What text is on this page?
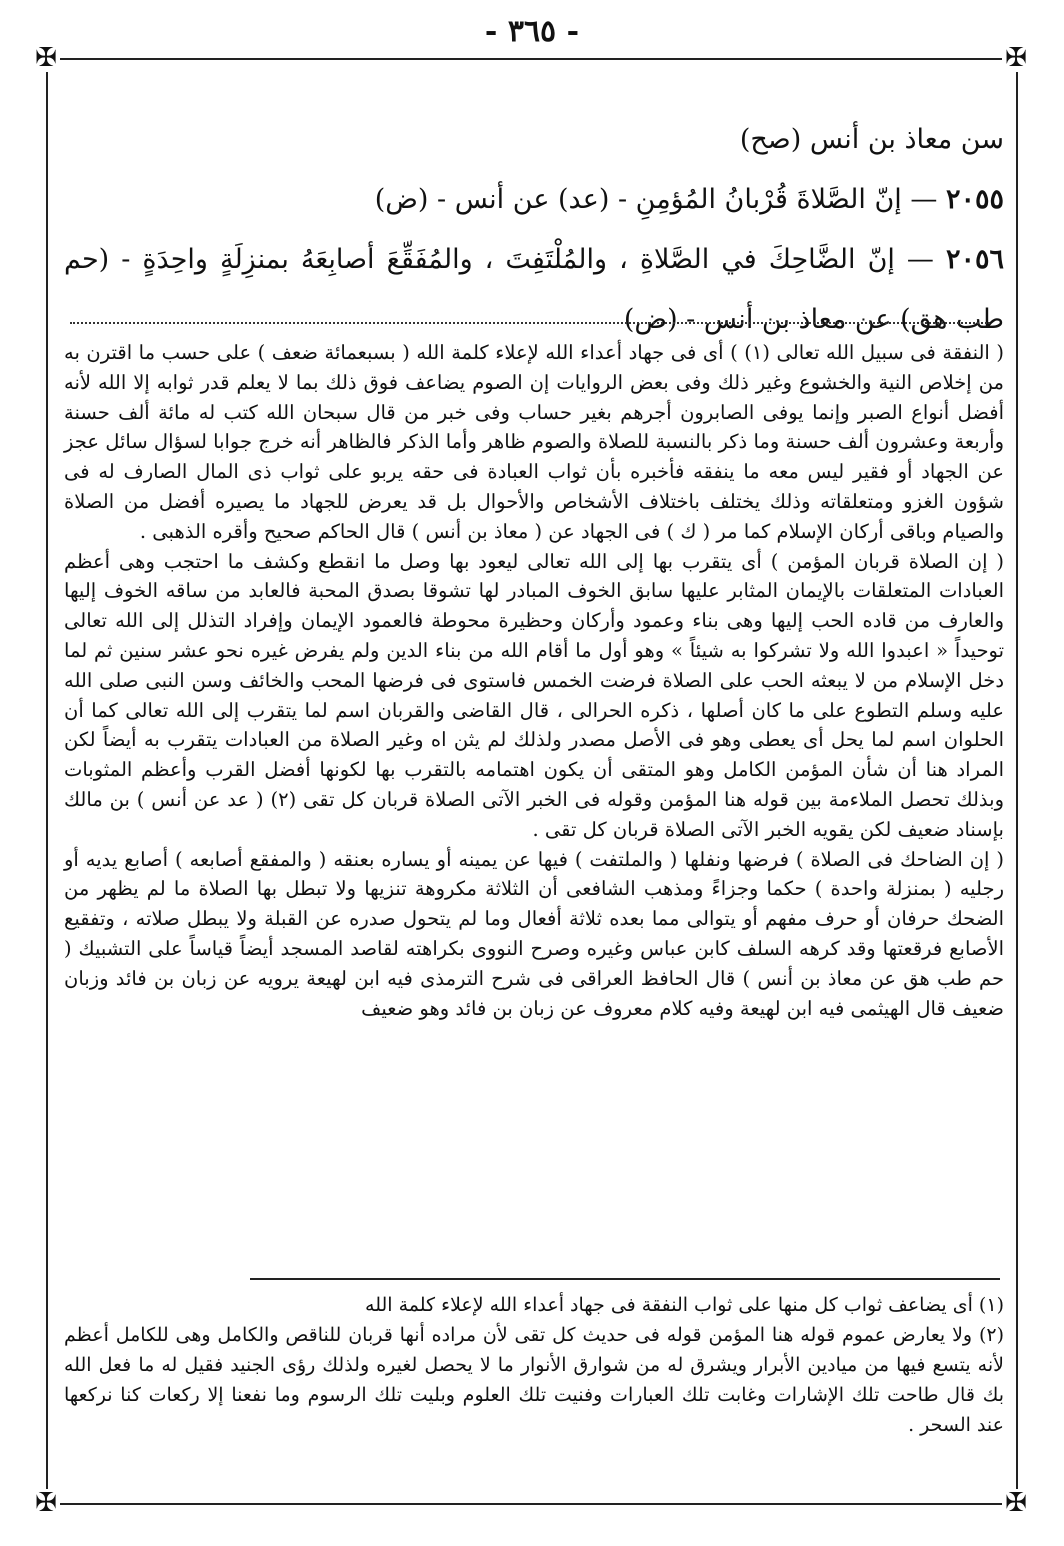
- ٣٦٥ -
✠	✠
✠	✠

سن معاذ بن أنس (صح)

٢٠٥٥ — إنّ الصَّلاةَ قُرْبانُ المُؤمِنِ - (عد) عن أنس - (ض)

٢٠٥٦ — إنّ الضَّاحِكَ في الصَّلاةِ ، والمُلْتَفِتَ ، والمُفَقِّعَ أصابِعَهُ بمنزِلَةٍ واحِدَةٍ - (حم طب هق) عن معاذ بن أنس - (ض)

( النفقة فى سبيل الله تعالى (١) ) أى فى جهاد أعداء الله لإعلاء كلمة الله ( بسبعمائة ضعف ) على حسب ما اقترن به من إخلاص النية والخشوع وغير ذلك وفى بعض الروايات إن الصوم يضاعف فوق ذلك بما لا يعلم قدر ثوابه إلا الله لأنه أفضل أنواع الصبر وإنما يوفى الصابرون أجرهم بغير حساب وفى خبر من قال سبحان الله كتب له مائة ألف حسنة وأربعة وعشرون ألف حسنة وما ذكر بالنسبة للصلاة والصوم ظاهر وأما الذكر فالظاهر أنه خرج جوابا لسؤال سائل عجز عن الجهاد أو فقير ليس معه ما ينفقه فأخبره بأن ثواب العبادة فى حقه يربو على ثواب ذى المال الصارف له فى شؤون الغزو ومتعلقاته وذلك يختلف باختلاف الأشخاص والأحوال بل قد يعرض للجهاد ما يصيره أفضل من الصلاة والصيام وباقى أركان الإسلام كما مر ( ك ) فى الجهاد عن ( معاذ بن أنس ) قال الحاكم صحيح وأقره الذهبى .

( إن الصلاة قربان المؤمن ) أى يتقرب بها إلى الله تعالى ليعود بها وصل ما انقطع وكشف ما احتجب وهى أعظم العبادات المتعلقات بالإيمان المثابر عليها سابق الخوف المبادر لها تشوقا بصدق المحبة فالعابد من ساقه الخوف إليها والعارف من قاده الحب إليها وهى بناء وعمود وأركان وحظيرة محوطة فالعمود الإيمان وإفراد التذلل إلى الله تعالى توحيداً « اعبدوا الله ولا تشركوا به شيئاً » وهو أول ما أقام الله من بناء الدين ولم يفرض غيره نحو عشر سنين ثم لما دخل الإسلام من لا يبعثه الحب على الصلاة فرضت الخمس فاستوى فى فرضها المحب والخائف وسن النبى صلى الله عليه وسلم التطوع على ما كان أصلها ، ذكره الحرالى ، قال القاضى والقربان اسم لما يتقرب إلى الله تعالى كما أن الحلوان اسم لما يحل أى يعطى وهو فى الأصل مصدر ولذلك لم يثن اه وغير الصلاة من العبادات يتقرب به أيضاً لكن المراد هنا أن شأن المؤمن الكامل وهو المتقى أن يكون اهتمامه بالتقرب بها لكونها أفضل القرب وأعظم المثوبات وبذلك تحصل الملاءمة بين قوله هنا المؤمن وقوله فى الخبر الآتى الصلاة قربان كل تقى (٢) ( عد عن أنس ) بن مالك بإسناد ضعيف لكن يقويه الخبر الآتى الصلاة قربان كل تقى .

( إن الضاحك فى الصلاة ) فرضها ونفلها ( والملتفت ) فيها عن يمينه أو يساره بعنقه ( والمفقع أصابعه ) أصابع يديه أو رجليه ( بمنزلة واحدة ) حكما وجزاءً ومذهب الشافعى أن الثلاثة مكروهة تنزيها ولا تبطل بها الصلاة ما لم يظهر من الضحك حرفان أو حرف مفهم أو يتوالى مما بعده ثلاثة أفعال وما لم يتحول صدره عن القبلة ولا يبطل صلاته ، وتفقيع الأصابع فرقعتها وقد كرهه السلف كابن عباس وغيره وصرح النووى بكراهته لقاصد المسجد أيضاً قياساً على التشبيك ( حم طب هق عن معاذ بن أنس ) قال الحافظ العراقى فى شرح الترمذى فيه ابن لهيعة يرويه عن زبان بن فائد وزبان ضعيف قال الهيثمى فيه ابن لهيعة وفيه كلام معروف عن زبان بن فائد وهو ضعيف

(١) أى يضاعف ثواب كل منها على ثواب النفقة فى جهاد أعداء الله لإعلاء كلمة الله

(٢) ولا يعارض عموم قوله هنا المؤمن قوله فى حديث كل تقى لأن مراده أنها قربان للناقص والكامل وهى للكامل أعظم لأنه يتسع فيها من ميادين الأبرار ويشرق له من شوارق الأنوار ما لا يحصل لغيره ولذلك رؤى الجنيد فقيل له ما فعل الله بك قال طاحت تلك الإشارات وغابت تلك العبارات وفنيت تلك العلوم وبليت تلك الرسوم وما نفعنا إلا ركعات كنا نركعها عند السحر .
